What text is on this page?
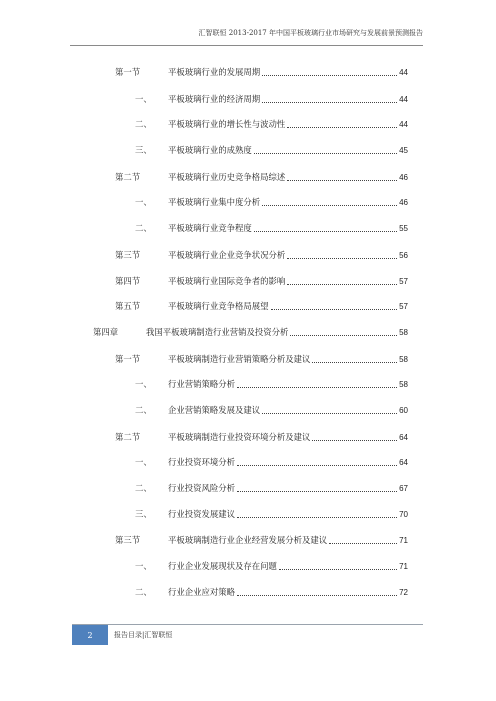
汇智联恒 2013-2017 年中国平板玻璃行业市场研究与发展前景预测报告
第一节	平板玻璃行业的发展周期	44
一、	平板玻璃行业的经济周期	44
二、	平板玻璃行业的增长性与波动性	44
三、	平板玻璃行业的成熟度	45
第二节	平板玻璃行业历史竞争格局综述	46
一、	平板玻璃行业集中度分析	46
二、	平板玻璃行业竞争程度	55
第三节	平板玻璃行业企业竞争状况分析	56
第四节	平板玻璃行业国际竞争者的影响	57
第五节	平板玻璃行业竞争格局展望	57
第四章	我国平板玻璃制造行业营销及投资分析	58
第一节	平板玻璃制造行业营销策略分析及建议	58
一、	行业营销策略分析	58
二、	企业营销策略发展及建议	60
第二节	平板玻璃制造行业投资环境分析及建议	64
一、	行业投资环境分析	64
二、	行业投资风险分析	67
三、	行业投资发展建议	70
第三节	平板玻璃制造行业企业经营发展分析及建议	71
一、	行业企业发展现状及存在问题	71
二、	行业企业应对策略	72
2	报告目录|汇智联恒
